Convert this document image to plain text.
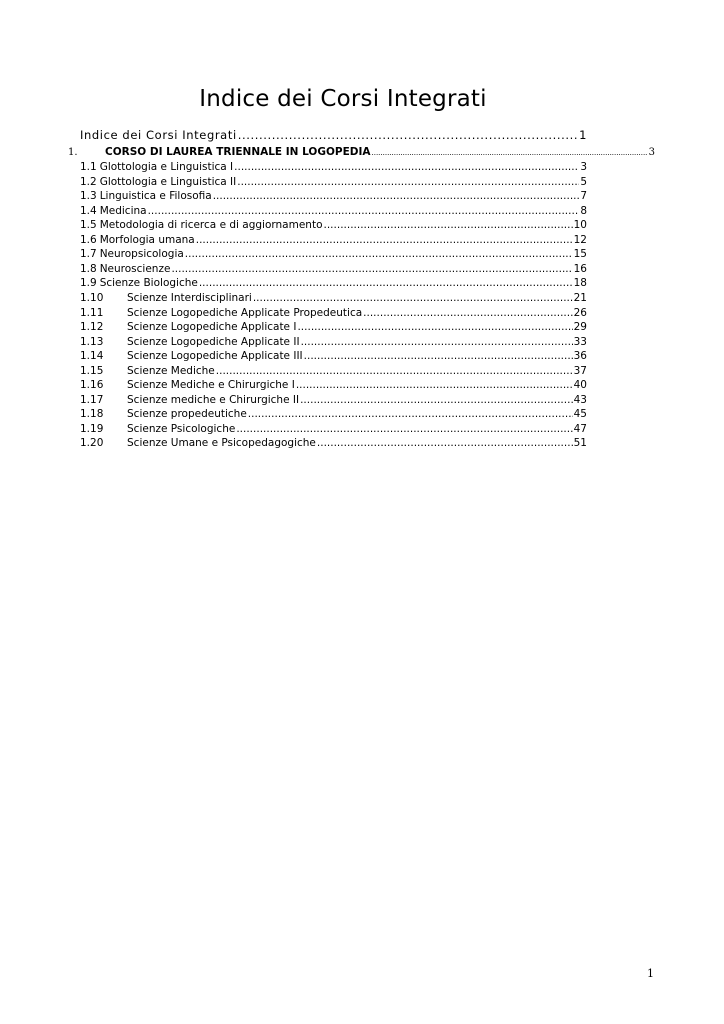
Indice dei Corsi Integrati
Indice dei Corsi Integrati .....	1
1.	CORSO DI LAUREA TRIENNALE IN LOGOPEDIA .....	3
1.1 Glottologia e Linguistica I .....	3
1.2 Glottologia e Linguistica II .....	5
1.3 Linguistica e Filosofia .....	7
1.4 Medicina .....	8
1.5 Metodologia di ricerca e di aggiornamento .....	10
1.6 Morfologia umana .....	12
1.7 Neuropsicologia .....	15
1.8 Neuroscienze .....	16
1.9 Scienze Biologiche .....	18
1.10	Scienze Interdisciplinari .....	21
1.11	Scienze Logopediche Applicate Propedeutica .....	26
1.12	Scienze Logopediche Applicate I .....	29
1.13	Scienze Logopediche Applicate II .....	33
1.14	Scienze Logopediche Applicate III .....	36
1.15	Scienze Mediche .....	37
1.16	Scienze Mediche e Chirurgiche I .....	40
1.17	Scienze mediche e Chirurgiche II .....	43
1.18	Scienze propedeutiche .....	45
1.19	Scienze Psicologiche .....	47
1.20	Scienze Umane e Psicopedagogiche .....	51
1
